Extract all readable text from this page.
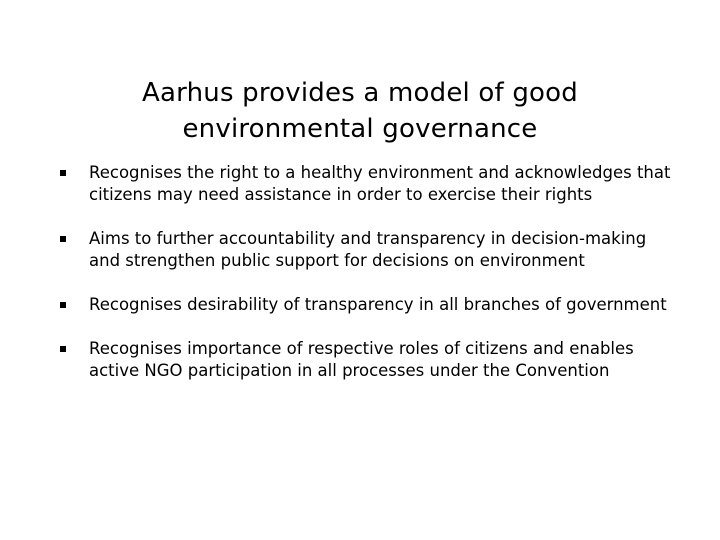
Aarhus provides a model of good
environmental governance
Recognises the right to a healthy environment and acknowledges that citizens may need assistance in order to exercise their rights
Aims to further accountability and transparency in decision-making and strengthen public support for decisions on environment
Recognises desirability of transparency in all branches of government
Recognises importance of respective roles of citizens and enables active NGO participation in all processes under the Convention
